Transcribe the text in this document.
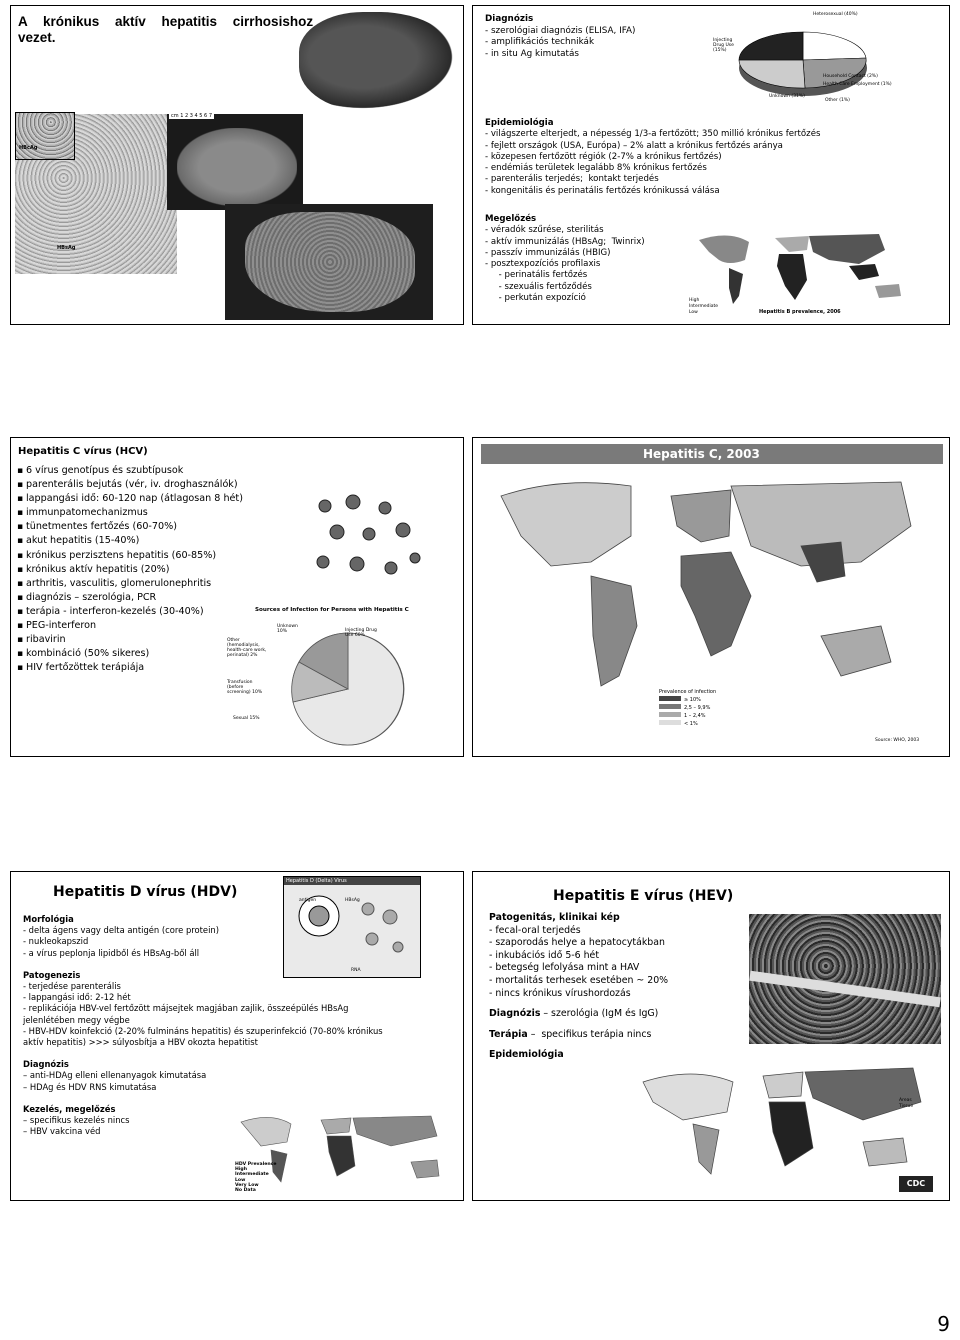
A krónikus aktív hepatitis cirrhosishoz vezet.
HBcAg
HBsAg
cm 1 2 3 4 5 6 7
Diagnózis
- szerológiai diagnózis (ELISA, IFA)
- amplifikációs technikák
- in situ Ag kimutatás
Heterosexual (40%)
Injecting Drug Use (15%)
Unknown (31%)
Other (1%)
Household Contact (2%)
Health Care Employment (1%)
Epidemiológia
- világszerte elterjedt, a népesség 1/3-a fertőzött; 350 millió krónikus fertőzés
- fejlett országok (USA, Európa) – 2% alatt a krónikus fertőzés aránya
- közepesen fertőzött régiók (2-7% a krónikus fertőzés)
- endémiás területek legalább 8% krónikus fertőzés
- parenterális terjedés;  kontakt terjedés
- kongenitális és perinatális fertőzés krónikussá válása
Megelőzés
- véradók szűrése, sterilitás
- aktív immunizálás (HBsAg;  Twinrix)
- passzív immunizálás (HBIG)
- posztexpozíciós profilaxis
- perinatális fertőzés
- szexuális fertőződés
- perkután expozíció	High
Intermediate
Low	Hepatitis B prevalence, 2006
Hepatitis C vírus (HCV)
▪ 6 vírus genotípus és szubtípusok
▪ parenterális bejutás (vér, iv. droghasználók)
▪ lappangási idő: 60-120 nap (átlagosan 8 hét)
▪ immunpatomechanizmus
▪ tünetmentes fertőzés (60-70%)
▪ akut hepatitis (15-40%)
▪ krónikus perzisztens hepatitis (60-85%)
▪ krónikus aktív hepatitis (20%)
▪ arthritis, vasculitis, glomerulonephritis
▪ diagnózis – szerológia, PCR
▪ terápia - interferon-kezelés (30-40%)
▪ PEG-interferon
▪ ribavirin
▪ kombináció (50% sikeres)
▪ HIV fertőzöttek terápiája
Sources of Infection for Persons with Hepatitis C
Unknown 10%	Injecting Drug Use 60%
Other (hemodialysis, health-care work, perinatal) 2%
Transfusion (before screening) 10%
Sexual 15%
Hepatitis C, 2003
Prevalence of infection
≥ 10%
2,5 – 9,9%
1 – 2,4%
< 1%
Source: WHO, 2003
Hepatitis D vírus (HDV)
Hepatitis D (Delta) Virus
antigen	HBsAg
RNA
Morfológia
- delta ágens vagy delta antigén (core protein)
- nukleokapszid
- a vírus peplonja lipidből és HBsAg-ből áll
Patogenezis
- terjedése parenterális
- lappangási idő: 2-12 hét
- replikációja HBV-vel fertőzött májsejtek magjában zajlik, összeépülés HBsAg
jelenlétében megy végbe
- HBV-HDV koinfekció (2-20% fulmináns hepatitis) és szuperinfekció (70-80% krónikus
aktív hepatitis) >>> súlyosbítja a HBV okozta hepatitist
Diagnózis
– anti-HDAg elleni ellenanyagok kimutatása
– HDAg és HDV RNS kimutatása
Kezelés, megelőzés
– specifikus kezelés nincs
– HBV vakcina véd
HDV Prevalence
High
Intermediate
Low
Very Low
No Data
Hepatitis E vírus (HEV)
Patogenitás, klinikai kép
- fecal-oral terjedés
- szaporodás helye a hepatocytákban
- inkubációs idő 5-6 hét
- betegség lefolyása mint a HAV
- mortalitás terhesek esetében ~ 20%
- nincs krónikus vírushordozás
Diagnózis – szerológia (IgM és IgG)
Terápia –  specifikus terápia nincs
Epidemiológia
Areas
Tissue
CDC
9
